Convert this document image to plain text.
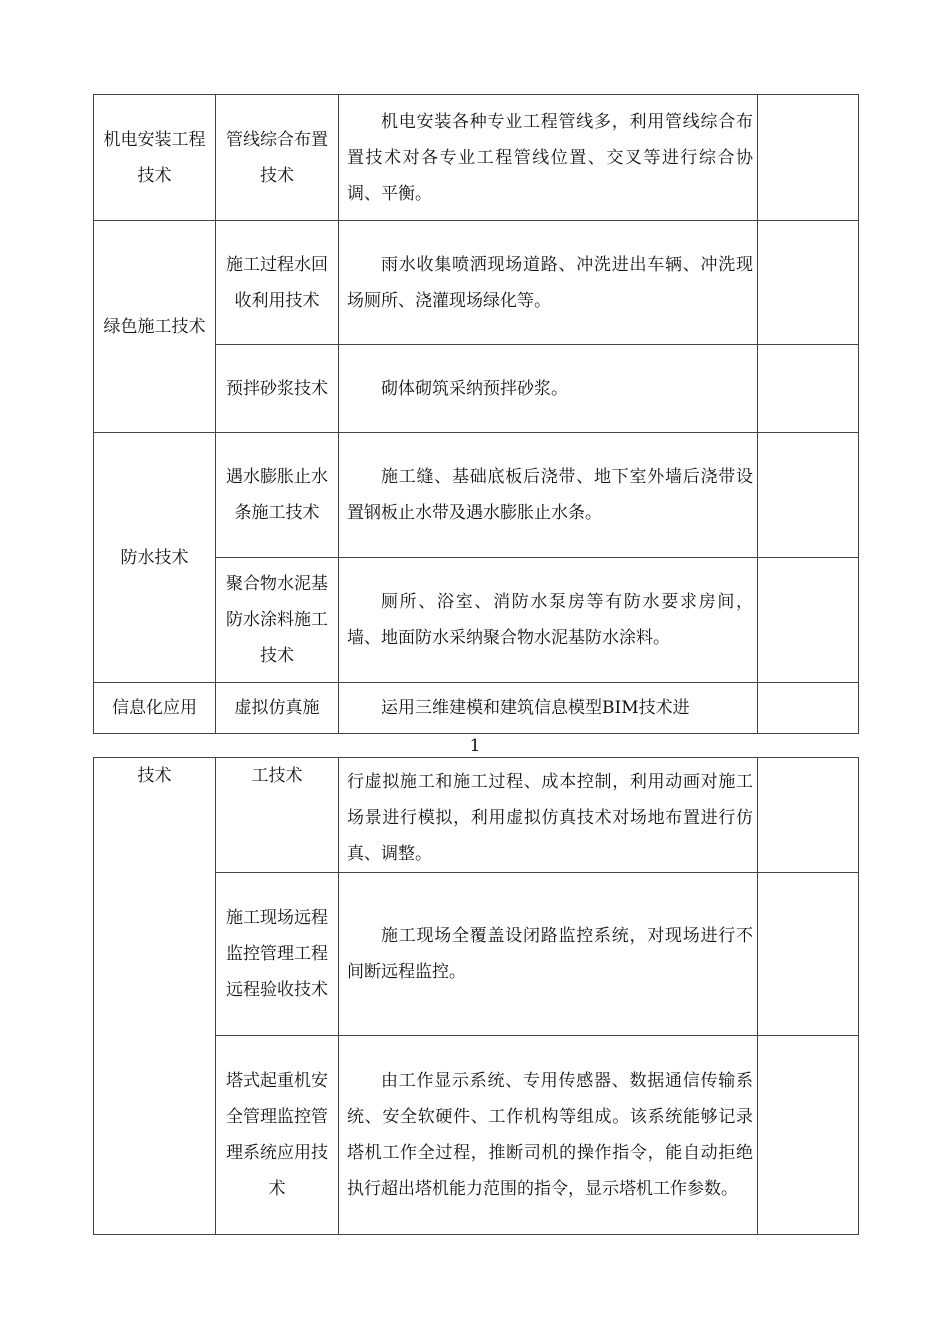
机电安装工程技术	管线综合布置技术	机电安装各种专业工程管线多，利用管线综合布置技术对各专业工程管线位置、交叉等进行综合协调、平衡。	

绿色施工技术	施工过程水回收利用技术	雨水收集喷洒现场道路、冲洗进出车辆、冲洗现场厕所、浇灌现场绿化等。	

	预拌砂浆技术	砌体砌筑采纳预拌砂浆。	

防水技术	遇水膨胀止水条施工技术	施工缝、基础底板后浇带、地下室外墙后浇带设置钢板止水带及遇水膨胀止水条。	

	聚合物水泥基防水涂料施工技术	厕所、浴室、消防水泵房等有防水要求房间，墙、地面防水采纳聚合物水泥基防水涂料。	

信息化应用	虚拟仿真施	运用三维建模和建筑信息模型BIM技术进	

1
技术	工技术	行虚拟施工和施工过程、成本控制，利用动画对施工场景进行模拟，利用虚拟仿真技术对场地布置进行仿真、调整。	
	施工现场远程监控管理工程远程验收技术	施工现场全覆盖设闭路监控系统，对现场进行不间断远程监控。	

	塔式起重机安全管理监控管理系统应用技术	由工作显示系统、专用传感器、数据通信传输系统、安全软硬件、工作机构等组成。该系统能够记录塔机工作全过程，推断司机的操作指令，能自动拒绝执行超出塔机能力范围的指令，显示塔机工作参数。	
